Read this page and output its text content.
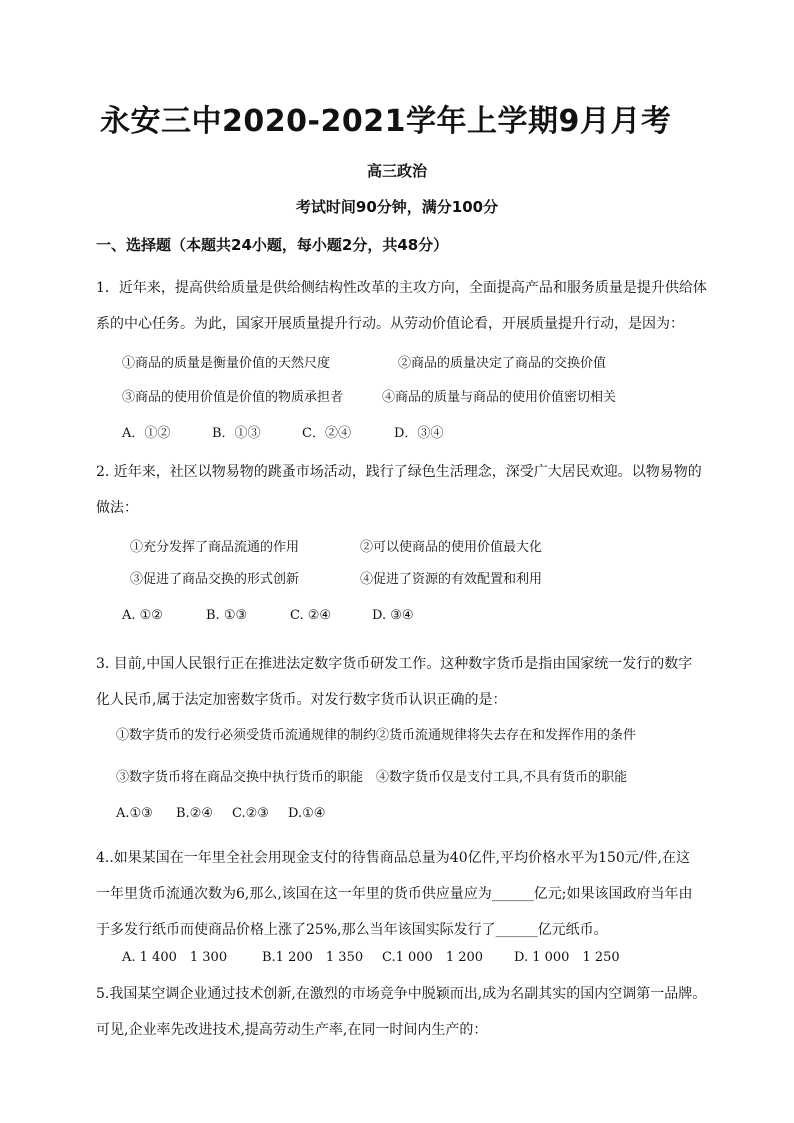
永安三中2020-2021学年上学期9月月考
高三政治
考试时间90分钟，满分100分
一、选择题（本题共24小题，每小题2分，共48分）
1．近年来，提高供给质量是供给侧结构性改革的主攻方向，全面提高产品和服务质量是提升供给体
系的中心任务。为此，国家开展质量提升行动。从劳动价值论看，开展质量提升行动，是因为：
①商品的质量是衡量价值的天然尺度	②商品的质量决定了商品的交换价值
③商品的使用价值是价值的物质承担者	④商品的质量与商品的使用价值密切相关
A．①②	B．①③	C．②④	D．③④
2. 近年来，社区以物易物的跳蚤市场活动，践行了绿色生活理念，深受广大居民欢迎。以物易物的
做法：
①充分发挥了商品流通的作用	②可以使商品的使用价值最大化
③促进了商品交换的形式创新	④促进了资源的有效配置和利用
A. ①②	B. ①③	C. ②④	D. ③④
3. 目前,中国人民银行正在推进法定数字货币研发工作。这种数字货币是指由国家统一发行的数字
化人民币,属于法定加密数字货币。对发行数字货币认识正确的是：
①数字货币的发行必须受货币流通规律的制约②货币流通规律将失去存在和发挥作用的条件
③数字货币将在商品交换中执行货币的职能　④数字货币仅是支付工具,不具有货币的职能
A.①③ B.②④ C.②③ D.①④
4..如果某国在一年里全社会用现金支付的待售商品总量为40亿件,平均价格水平为150元/件,在这
一年里货币流通次数为6,那么,该国在这一年里的货币供应量应为______亿元;如果该国政府当年由
于多发行纸币而使商品价格上涨了25%,那么当年该国实际发行了______亿元纸币。
A. 1 400　1 300	B.1 200　1 350 C.1 000　1 200 D. 1 000　1 250
5.我国某空调企业通过技术创新,在激烈的市场竞争中脱颖而出,成为名副其实的国内空调第一品牌。
可见,企业率先改进技术,提高劳动生产率,在同一时间内生产的：
